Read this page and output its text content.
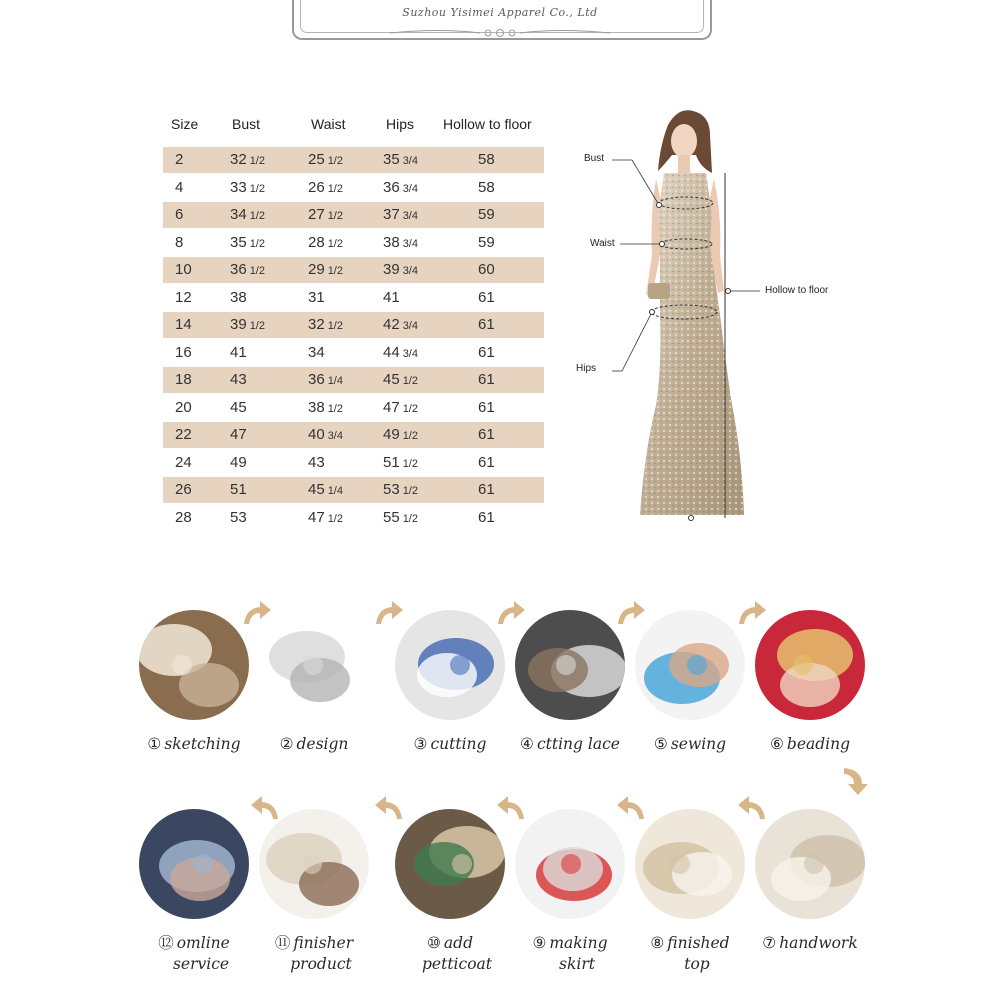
Suzhou Yisimei Apparel Co., Ltd
Size Bust	Waist	Hips Hollow to floor
2	32 1/2	25 1/2	35 3/4	58
4	33 1/2	26 1/2	36 3/4	58
6	34 1/2	27 1/2	37 3/4	59
8	35 1/2	28 1/2	38 3/4	59
10	36 1/2	29 1/2	39 3/4	60
12	38	31	41	61
14	39 1/2	32 1/2	42 3/4	61
16	41	34	44 3/4	61
18	43	36 1/4	45 1/2	61
20	45	38 1/2	47 1/2	61
22	47	40 3/4	49 1/2	61
24	49	43	51 1/2	61
26	51	45 1/4	53 1/2	61
28	53	47 1/2	55 1/2	61
Bust
Waist
Hollow to floor
Hips
① sketching	② design	③ cutting	④ ctting lace	⑤ sewing	⑥ beading
⑦ handwork
⑧ finished
top
⑨ making
skirt
⑩ add
petticoat
⑪ finisher
product
⑫ omline
service
